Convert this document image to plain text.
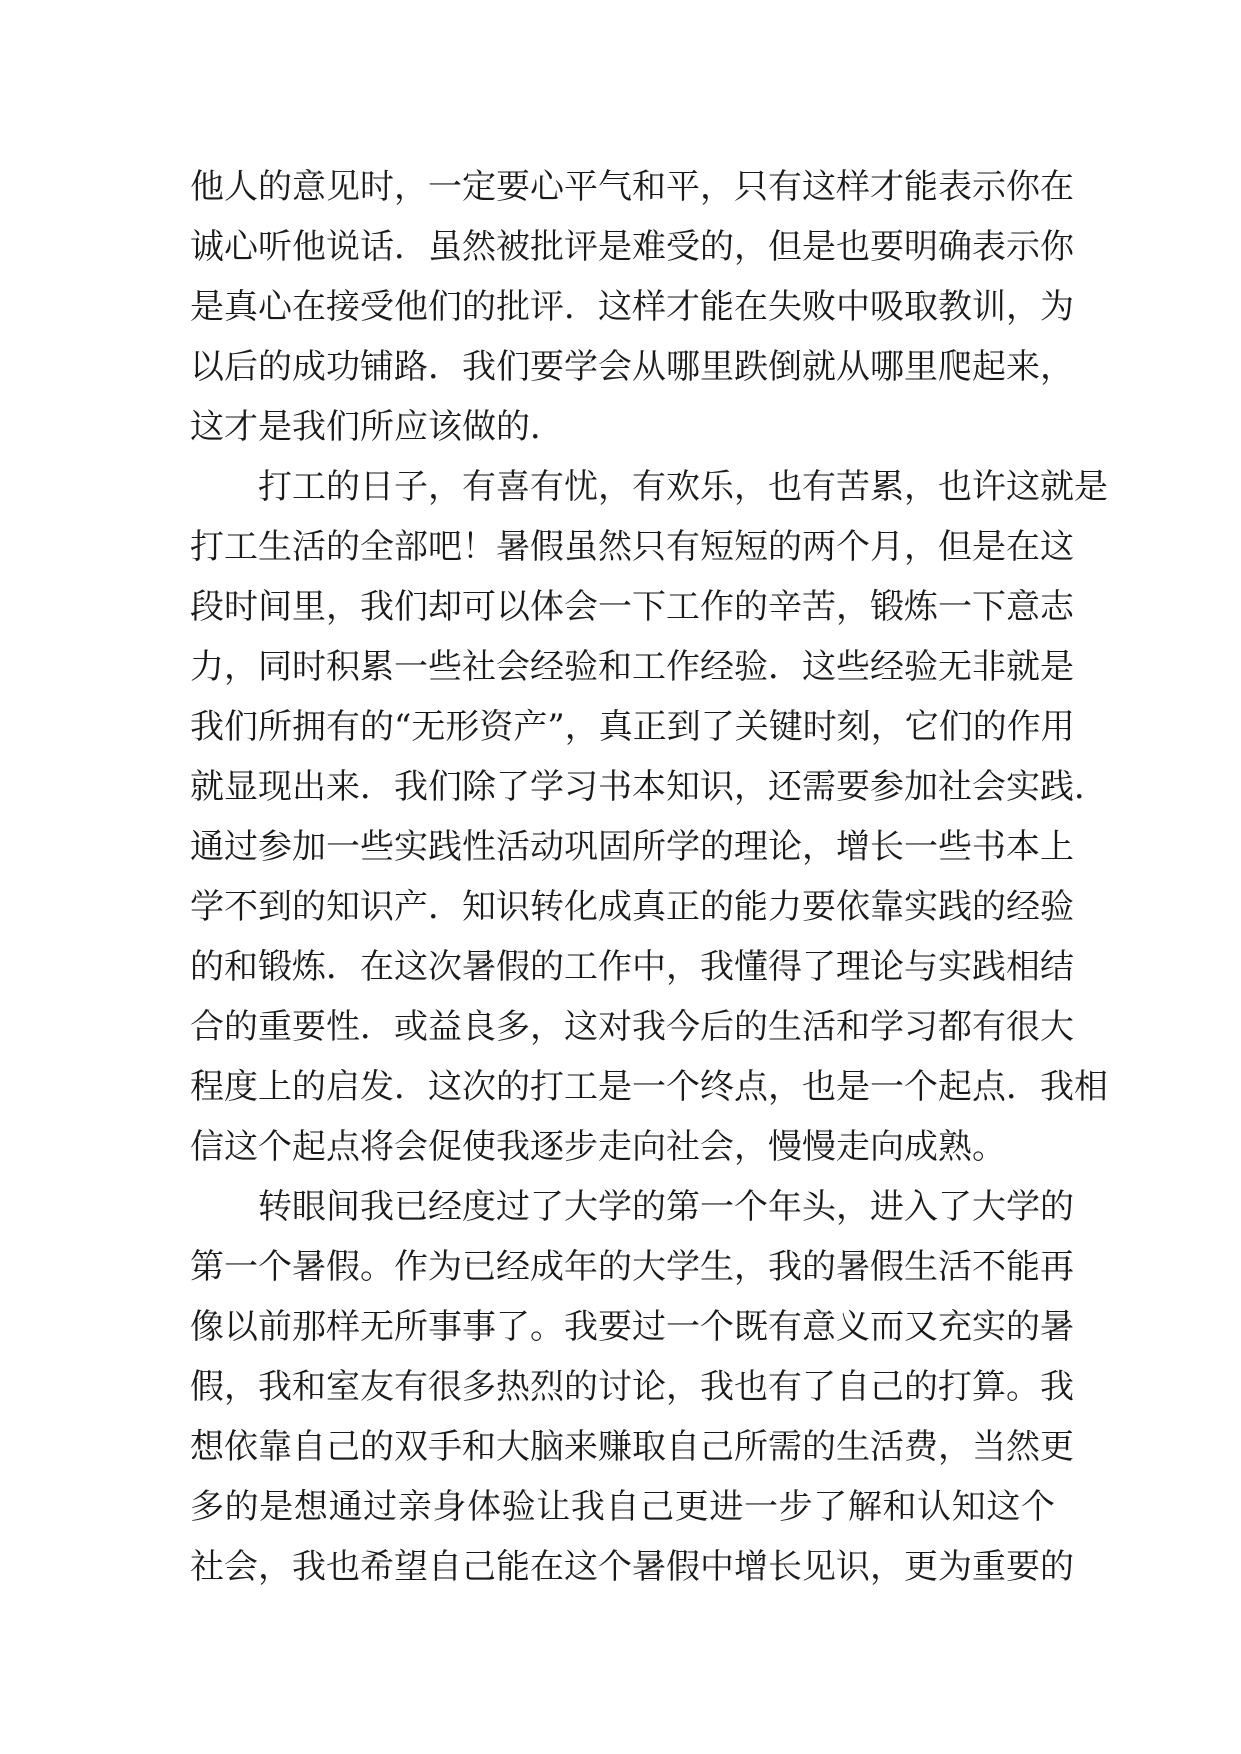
他人的意见时，一定要心平气和平，只有这样才能表示你在
诚心听他说话．虽然被批评是难受的，但是也要明确表示你
是真心在接受他们的批评．这样才能在失败中吸取教训，为
以后的成功铺路．我们要学会从哪里跌倒就从哪里爬起来，
这才是我们所应该做的．
打工的日子，有喜有忧，有欢乐，也有苦累，也许这就是
打工生活的全部吧！暑假虽然只有短短的两个月，但是在这
段时间里，我们却可以体会一下工作的辛苦，锻炼一下意志
力，同时积累一些社会经验和工作经验．这些经验无非就是
我们所拥有的“无形资产”，真正到了关键时刻，它们的作用
就显现出来．我们除了学习书本知识，还需要参加社会实践．
通过参加一些实践性活动巩固所学的理论，增长一些书本上
学不到的知识产．知识转化成真正的能力要依靠实践的经验
的和锻炼．在这次暑假的工作中，我懂得了理论与实践相结
合的重要性．或益良多，这对我今后的生活和学习都有很大
程度上的启发．这次的打工是一个终点，也是一个起点．我相
信这个起点将会促使我逐步走向社会，慢慢走向成熟。
转眼间我已经度过了大学的第一个年头，进入了大学的
第一个暑假。作为已经成年的大学生，我的暑假生活不能再
像以前那样无所事事了。我要过一个既有意义而又充实的暑
假，我和室友有很多热烈的讨论，我也有了自己的打算。我
想依靠自己的双手和大脑来赚取自己所需的生活费，当然更
多的是想通过亲身体验让我自己更进一步了解和认知这个
社会，我也希望自己能在这个暑假中增长见识，更为重要的
